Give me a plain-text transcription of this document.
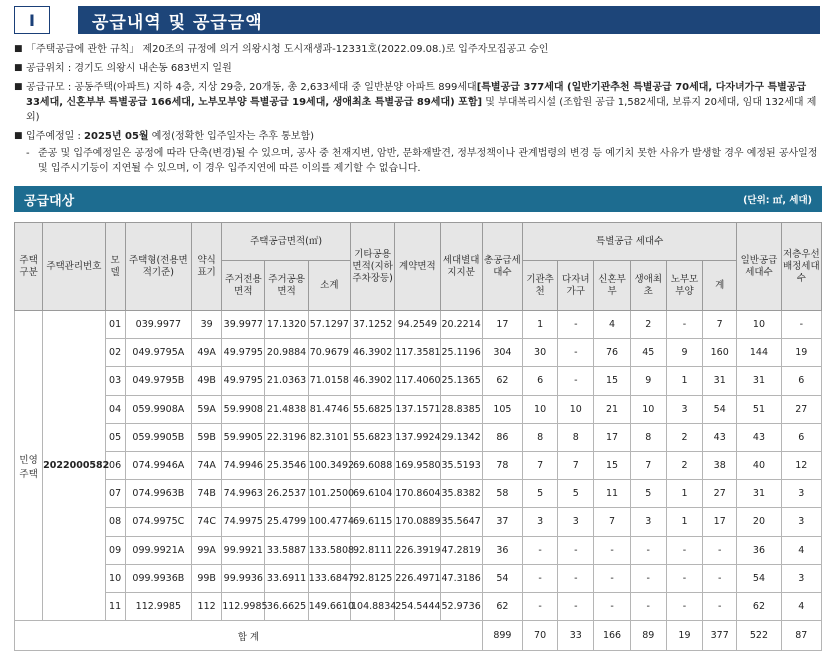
Ⅰ	공급내역 및 공급금액
■ 「주택공급에 관한 규칙」 제20조의 규정에 의거 의왕시청 도시재생과-12331호(2022.09.08.)로 입주자모집공고 승인
■ 공급위치 : 경기도 의왕시 내손동 683번지 일원
■ 공급규모 : 공동주택(아파트) 지하 4층, 지상 29층, 20개동, 총 2,633세대 중 일반분양 아파트 899세대[특별공급 377세대 (일반기관추천 특별공급 70세대, 다자녀가구 특별공급 33세대, 신혼부부 특별공급 166세대, 노부모부양 특별공급 19세대, 생애최초 특별공급 89세대) 포함] 및 부대복리시설 (조합원 공급 1,582세대, 보류지 20세대, 임대 132세대 제외)
■ 입주예정일 : 2025년 05월 예정(정확한 입주일자는 추후 통보함)
- 준공 및 입주예정일은 공정에 따라 단축(변경)될 수 있으며, 공사 중 천재지변, 암반, 문화재발견, 정부정책이나 관계법령의 변경 등 예기치 못한 사유가 발생할 경우 예정된 공사일정 및 입주시기등이 지연될 수 있으며, 이 경우 입주지연에 따른 이의를 제기할 수 없습니다.
공급대상	(단위: ㎡, 세대)
주택구분	주택관리번호	모델	주택형(전용면적기준)	약식표기	주택공급면적(㎡)			기타공용면적(지하주차장등)	계약면적	세대별대지지분	총공급세대수	특별공급 세대수						일반공급세대수	저층우선배정세대수
					주거전용면적	주거공용면적	소계					기관추천	다자녀가구	신혼부부	생애최초	노부모부양	계		
민영주택	2022000582	01	039.9977	39	39.9977	17.1320	57.1297	37.1252	94.2549	20.2214	17	1	-	4	2	-	7	10	-
		02	049.9795A	49A	49.9795	20.9884	70.9679	46.3902	117.3581	25.1196	304	30	-	76	45	9	160	144	19
		03	049.9795B	49B	49.9795	21.0363	71.0158	46.3902	117.4060	25.1365	62	6	-	15	9	1	31	31	6
		04	059.9908A	59A	59.9908	21.4838	81.4746	55.6825	137.1571	28.8385	105	10	10	21	10	3	54	51	27
		05	059.9905B	59B	59.9905	22.3196	82.3101	55.6823	137.9924	29.1342	86	8	8	17	8	2	43	43	6
		06	074.9946A	74A	74.9946	25.3546	100.3492	69.6088	169.9580	35.5193	78	7	7	15	7	2	38	40	12
		07	074.9963B	74B	74.9963	26.2537	101.2500	69.6104	170.8604	35.8382	58	5	5	11	5	1	27	31	3
		08	074.9975C	74C	74.9975	25.4799	100.4774	69.6115	170.0889	35.5647	37	3	3	7	3	1	17	20	3
		09	099.9921A	99A	99.9921	33.5887	133.5808	92.8111	226.3919	47.2819	36	-	-	-	-	-	-	36	4
		10	099.9936B	99B	99.9936	33.6911	133.6847	92.8125	226.4971	47.3186	54	-	-	-	-	-	-	54	3
		11	112.9985	112	112.9985	36.6625	149.6610	104.8834	254.5444	52.9736	62	-	-	-	-	-	-	62	4
합 계											899	70	33	166	89	19	377	522	87
